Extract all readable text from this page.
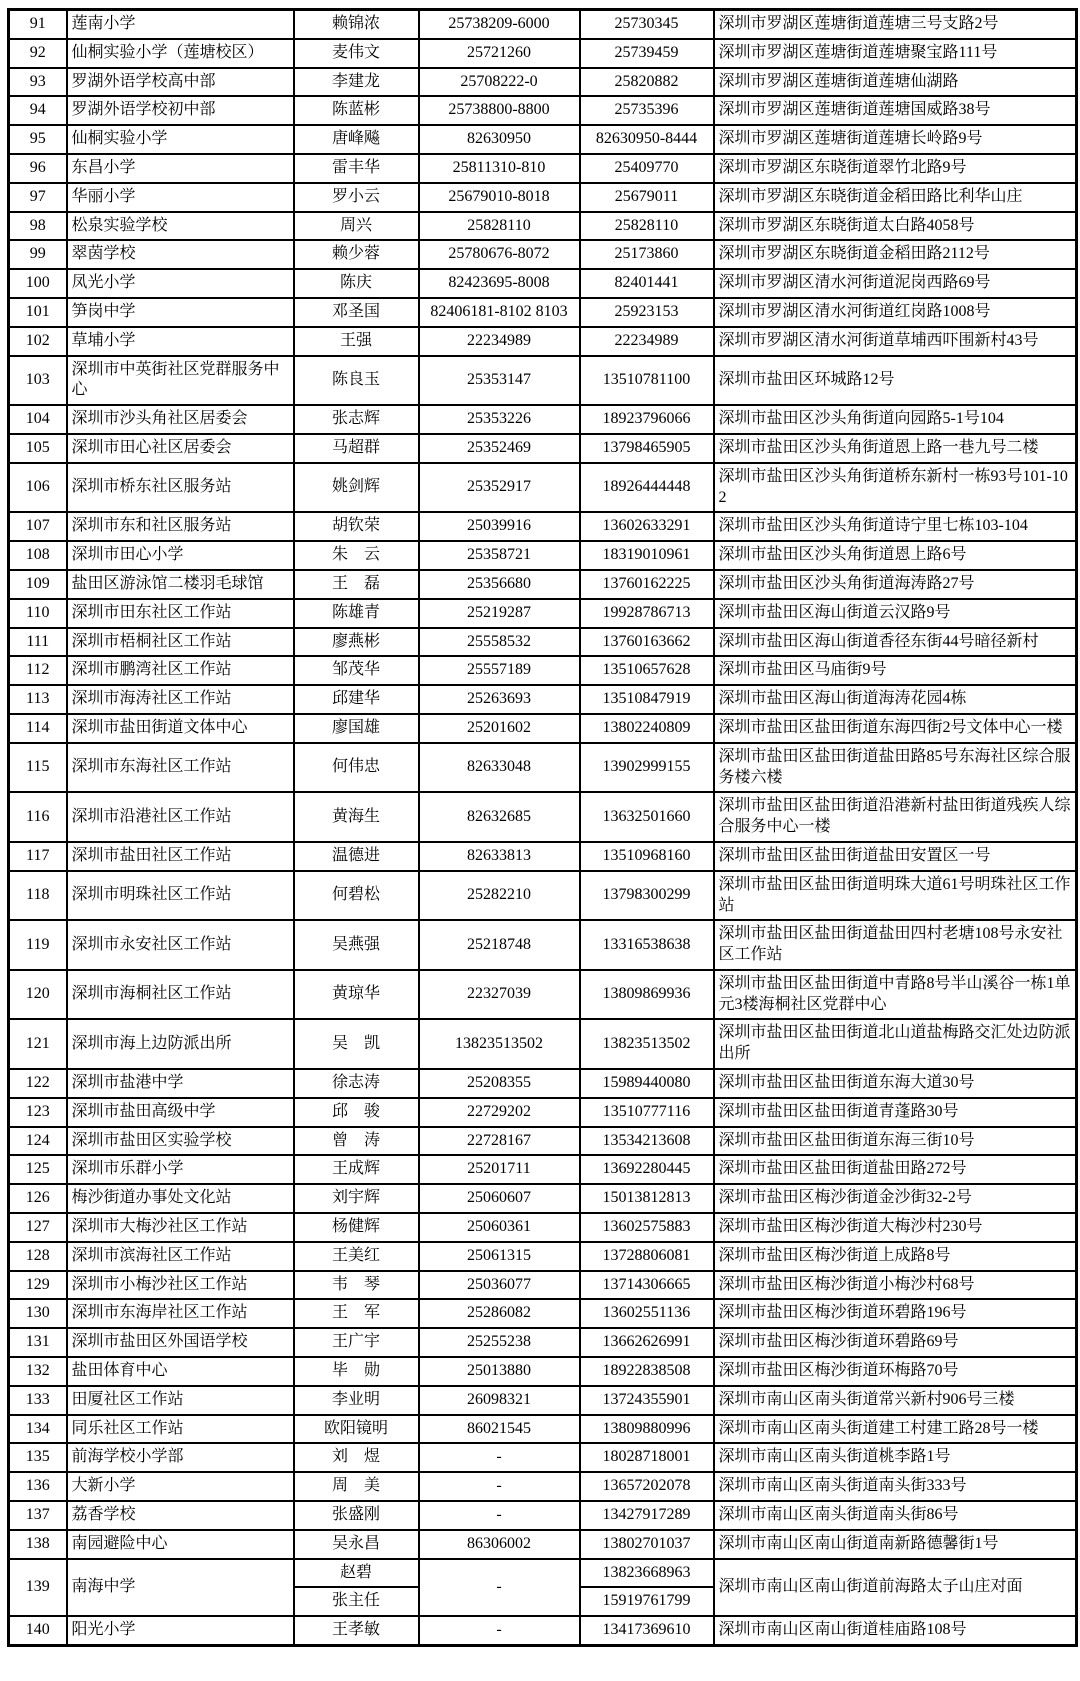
91	莲南小学	赖锦浓	25738209-6000	25730345	深圳市罗湖区莲塘街道莲塘三号支路2号
92	仙桐实验小学（莲塘校区）	麦伟文	25721260	25739459	深圳市罗湖区莲塘街道莲塘聚宝路111号
93	罗湖外语学校高中部	李建龙	25708222-0	25820882	深圳市罗湖区莲塘街道莲塘仙湖路
94	罗湖外语学校初中部	陈蓝彬	25738800-8800	25735396	深圳市罗湖区莲塘街道莲塘国威路38号
95	仙桐实验小学	唐峰飚	82630950	82630950-8444	深圳市罗湖区莲塘街道莲塘长岭路9号
96	东昌小学	雷丰华	25811310-810	25409770	深圳市罗湖区东晓街道翠竹北路9号
97	华丽小学	罗小云	25679010-8018	25679011	深圳市罗湖区东晓街道金稻田路比利华山庄
98	松泉实验学校	周兴	25828110	25828110	深圳市罗湖区东晓街道太白路4058号
99	翠茵学校	赖少蓉	25780676-8072	25173860	深圳市罗湖区东晓街道金稻田路2112号
100	凤光小学	陈庆	82423695-8008	82401441	深圳市罗湖区清水河街道泥岗西路69号
101	笋岗中学	邓圣国	82406181-8102 8103	25923153	深圳市罗湖区清水河街道红岗路1008号
102	草埔小学	王强	22234989	22234989	深圳市罗湖区清水河街道草埔西吓围新村43号
103	深圳市中英街社区党群服务中心	陈良玉	25353147	13510781100	深圳市盐田区环城路12号
104	深圳市沙头角社区居委会	张志辉	25353226	18923796066	深圳市盐田区沙头角街道向园路5-1号104
105	深圳市田心社区居委会	马超群	25352469	13798465905	深圳市盐田区沙头角街道恩上路一巷九号二楼
106	深圳市桥东社区服务站	姚剑辉	25352917	18926444448	深圳市盐田区沙头角街道桥东新村一栋93号101-102
107	深圳市东和社区服务站	胡钦荣	25039916	13602633291	深圳市盐田区沙头角街道诗宁里七栋103-104
108	深圳市田心小学	朱　云	25358721	18319010961	深圳市盐田区沙头角街道恩上路6号
109	盐田区游泳馆二楼羽毛球馆	王　磊	25356680	13760162225	深圳市盐田区沙头角街道海涛路27号
110	深圳市田东社区工作站	陈雄青	25219287	19928786713	深圳市盐田区海山街道云汉路9号
111	深圳市梧桐社区工作站	廖燕彬	25558532	13760163662	深圳市盐田区海山街道香径东街44号暗径新村
112	深圳市鹏湾社区工作站	邹茂华	25557189	13510657628	深圳市盐田区马庙街9号
113	深圳市海涛社区工作站	邱建华	25263693	13510847919	深圳市盐田区海山街道海涛花园4栋
114	深圳市盐田街道文体中心	廖国雄	25201602	13802240809	深圳市盐田区盐田街道东海四街2号文体中心一楼
115	深圳市东海社区工作站	何伟忠	82633048	13902999155	深圳市盐田区盐田街道盐田路85号东海社区综合服务楼六楼
116	深圳市沿港社区工作站	黄海生	82632685	13632501660	深圳市盐田区盐田街道沿港新村盐田街道残疾人综合服务中心一楼
117	深圳市盐田社区工作站	温德进	82633813	13510968160	深圳市盐田区盐田街道盐田安置区一号
118	深圳市明珠社区工作站	何碧松	25282210	13798300299	深圳市盐田区盐田街道明珠大道61号明珠社区工作站
119	深圳市永安社区工作站	吴燕强	25218748	13316538638	深圳市盐田区盐田街道盐田四村老塘108号永安社区工作站
120	深圳市海桐社区工作站	黄琼华	22327039	13809869936	深圳市盐田区盐田街道中青路8号半山溪谷一栋1单元3楼海桐社区党群中心
121	深圳市海上边防派出所	吴　凯	13823513502	13823513502	深圳市盐田区盐田街道北山道盐梅路交汇处边防派出所
122	深圳市盐港中学	徐志涛	25208355	15989440080	深圳市盐田区盐田街道东海大道30号
123	深圳市盐田高级中学	邱　骏	22729202	13510777116	深圳市盐田区盐田街道青蓬路30号
124	深圳市盐田区实验学校	曾　涛	22728167	13534213608	深圳市盐田区盐田街道东海三街10号
125	深圳市乐群小学	王成辉	25201711	13692280445	深圳市盐田区盐田街道盐田路272号
126	梅沙街道办事处文化站	刘宇辉	25060607	15013812813	深圳市盐田区梅沙街道金沙街32-2号
127	深圳市大梅沙社区工作站	杨健辉	25060361	13602575883	深圳市盐田区梅沙街道大梅沙村230号
128	深圳市滨海社区工作站	王美红	25061315	13728806081	深圳市盐田区梅沙街道上成路8号
129	深圳市小梅沙社区工作站	韦　琴	25036077	13714306665	深圳市盐田区梅沙街道小梅沙村68号
130	深圳市东海岸社区工作站	王　军	25286082	13602551136	深圳市盐田区梅沙街道环碧路196号
131	深圳市盐田区外国语学校	王广宇	25255238	13662626991	深圳市盐田区梅沙街道环碧路69号
132	盐田体育中心	毕　勋	25013880	18922838508	深圳市盐田区梅沙街道环梅路70号
133	田厦社区工作站	李业明	26098321	13724355901	深圳市南山区南头街道常兴新村906号三楼
134	同乐社区工作站	欧阳镜明	86021545	13809880996	深圳市南山区南头街道建工村建工路28号一楼
135	前海学校小学部	刘　煜	-	18028718001	深圳市南山区南头街道桃李路1号
136	大新小学	周　美	-	13657202078	深圳市南山区南头街道南头街333号
137	荔香学校	张盛刚	-	13427917289	深圳市南山区南头街道南头街86号
138	南园避险中心	吴永昌	86306002	13802701037	深圳市南山区南山街道南新路德馨街1号
139	南海中学	赵碧	-	13823668963	深圳市南山区南山街道前海路太子山庄对面
		张主任		15919761799	
140	阳光小学	王孝敏	-	13417369610	深圳市南山区南山街道桂庙路108号
